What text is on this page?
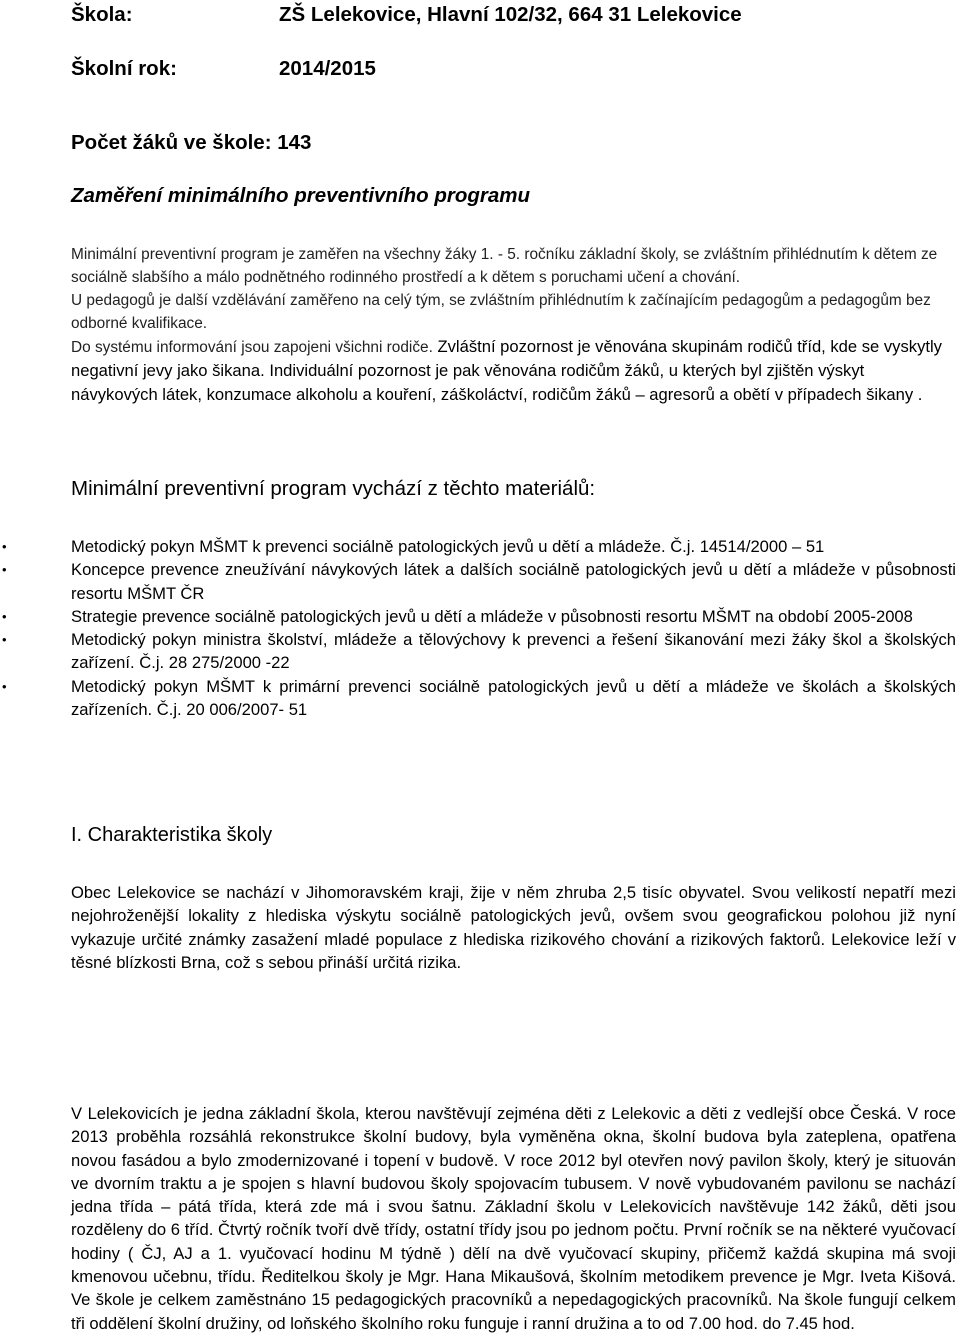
Škola:	ZŠ Lelekovice, Hlavní 102/32, 664 31 Lelekovice
Školní rok:	2014/2015
Počet žáků ve škole: 143
Zaměření minimálního preventivního programu

Minimální preventivní program je zaměřen na všechny žáky 1. - 5. ročníku základní školy, se zvláštním přihlédnutím k dětem ze sociálně slabšího a málo podnětného rodinného prostředí a k dětem s poruchami učení a chování.

U pedagogů je další vzdělávání zaměřeno na celý tým, se zvláštním přihlédnutím k začínajícím pedagogům a pedagogům bez odborné kvalifikace.

Do systému informování jsou zapojeni všichni rodiče. Zvláštní pozornost je věnována skupinám rodičů tříd, kde se vyskytly negativní jevy jako šikana. Individuální pozornost je pak věnována rodičům žáků, u kterých byl zjištěn výskyt návykových látek, konzumace alkoholu a kouření, záškoláctví, rodičům žáků – agresorů a obětí v případech šikany .

Minimální preventivní program vychází z těchto materiálů:
•	Metodický pokyn MŠMT k prevenci sociálně patologických jevů u dětí a mládeže. Č.j. 14514/2000 – 51
•	Koncepce prevence zneužívání návykových látek a dalších sociálně patologických jevů u dětí a mládeže v působnosti resortu MŠMT ČR
•	Strategie prevence sociálně patologických jevů u dětí a mládeže v působnosti resortu MŠMT na období 2005-2008
•	Metodický pokyn ministra školství, mládeže a tělovýchovy k prevenci a řešení šikanování mezi žáky škol a školských zařízení. Č.j. 28 275/2000 -22
•	Metodický pokyn MŠMT k primární prevenci sociálně patologických jevů u dětí a mládeže ve školách a školských zařízeních. Č.j. 20 006/2007- 51
I. Charakteristika školy

Obec Lelekovice se nachází v Jihomoravském kraji, žije v něm zhruba 2,5 tisíc obyvatel. Svou velikostí nepatří mezi nejohroženější lokality z hlediska výskytu sociálně patologických jevů, ovšem svou geografickou polohou již nyní vykazuje určité známky zasažení mladé populace z hlediska rizikového chování a rizikových faktorů. Lelekovice leží v těsné blízkosti Brna, což s sebou přináší určitá rizika.

V Lelekovicích je jedna základní škola, kterou navštěvují zejména děti z Lelekovic a děti z vedlejší obce Česká. V roce 2013 proběhla rozsáhlá rekonstrukce školní budovy, byla vyměněna okna, školní budova byla zateplena, opatřena novou fasádou a bylo zmodernizované i topení v budově. V roce 2012 byl otevřen nový pavilon školy, který je situován ve dvorním traktu a je spojen s hlavní budovou školy spojovacím tubusem. V nově vybudovaném pavilonu se nachází jedna třída – pátá třída, která zde má i svou šatnu. Základní školu v Lelekovicích navštěvuje 142 žáků, děti jsou rozděleny do 6 tříd. Čtvrtý ročník tvoří dvě třídy, ostatní třídy jsou po jednom počtu. První ročník se na některé vyučovací hodiny ( ČJ, AJ a 1. vyučovací hodinu M týdně ) dělí na dvě vyučovací skupiny, přičemž každá skupina má svoji kmenovou učebnu, třídu. Ředitelkou školy je Mgr. Hana Mikaušová, školním metodikem prevence je Mgr. Iveta Kišová. Ve škole je celkem zaměstnáno 15 pedagogických pracovníků a nepedagogických pracovníků. Na škole fungují celkem tři oddělení školní družiny, od loňského školního roku funguje i ranní družina a to od 7.00 hod. do 7.45 hod.
